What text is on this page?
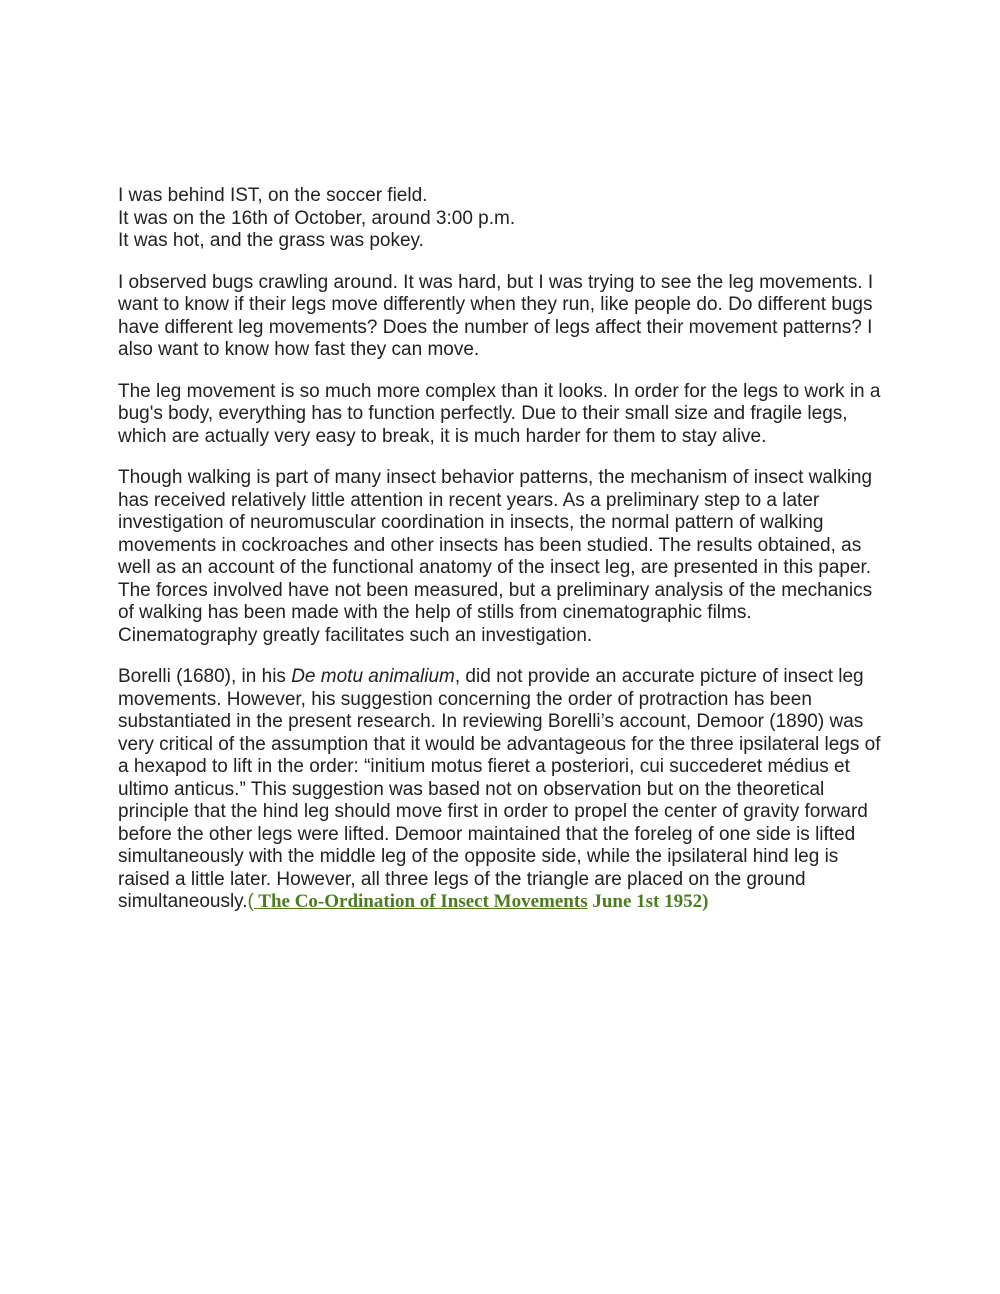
I was behind IST, on the soccer field.
It was on the 16th of October, around 3:00 p.m.
It was hot, and the grass was pokey.

I observed bugs crawling around. It was hard, but I was trying to see the leg movements. I want to know if their legs move differently when they run, like people do. Do different bugs have different leg movements? Does the number of legs affect their movement patterns? I also want to know how fast they can move.

The leg movement is so much more complex than it looks. In order for the legs to work in a bug's body, everything has to function perfectly. Due to their small size and fragile legs, which are actually very easy to break, it is much harder for them to stay alive.

Though walking is part of many insect behavior patterns, the mechanism of insect walking has received relatively little attention in recent years. As a preliminary step to a later investigation of neuromuscular coordination in insects, the normal pattern of walking movements in cockroaches and other insects has been studied. The results obtained, as well as an account of the functional anatomy of the insect leg, are presented in this paper. The forces involved have not been measured, but a preliminary analysis of the mechanics of walking has been made with the help of stills from cinematographic films. Cinematography greatly facilitates such an investigation.

Borelli (1680), in his De motu animalium, did not provide an accurate picture of insect leg movements. However, his suggestion concerning the order of protraction has been substantiated in the present research. In reviewing Borelli’s account, Demoor (1890) was very critical of the assumption that it would be advantageous for the three ipsilateral legs of a hexapod to lift in the order: “initium motus fieret a posteriori, cui succederet médius et ultimo anticus.” This suggestion was based not on observation but on the theoretical principle that the hind leg should move first in order to propel the center of gravity forward before the other legs were lifted. Demoor maintained that the foreleg of one side is lifted simultaneously with the middle leg of the opposite side, while the ipsilateral hind leg is raised a little later. However, all three legs of the triangle are placed on the ground simultaneously.( The Co-Ordination of Insect Movements June 1st 1952)
